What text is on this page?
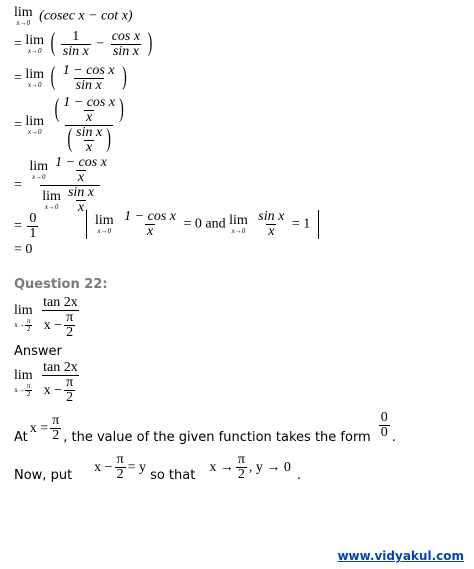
lim
x→0 (cosec x − cot x)
= lim
x→0 ( $\frac{1}{\text{sin x}} - \frac{\text{cos x}}{\text{sin x}}$ )
= lim
x→0 ( $\frac{\text{1 − cos x}}{\text{sin x}}$ )
= lim
x→0
$\frac{( \frac{\text{1 − cos x}}{x} )}{( \frac{\text{sin x}}{x} )}$
= lim
$x\to 0 \frac{\text{1 − cos x}}{x}$
lim
$x\to 0 \frac{\text{sin x}}{x}$
= $\frac{0}{1}$	lim
x→0
$\frac{\text{1 − cos x}}{x} = 0$ and lim
x→0
$\frac{\text{sin x}}{x} = 1$
= 0
Question 22:
lim
$x\to \frac{\pi}{2}$
$\frac{\tan 2x}{x - \frac{\pi}{2}}$
Answer
lim
$x\to \frac{\pi}{2}$
$\frac{\tan 2x}{x - \frac{\pi}{2}}$
At
$x = \frac{\pi}{2}$ , the value of the given function takes the form $\frac{0}{0}$ .
Now, put
$x - \frac{\pi}{2} = y$
so that
$x \to \frac{\pi}{2}$ , y → 0
.
www.vidyakul.com
